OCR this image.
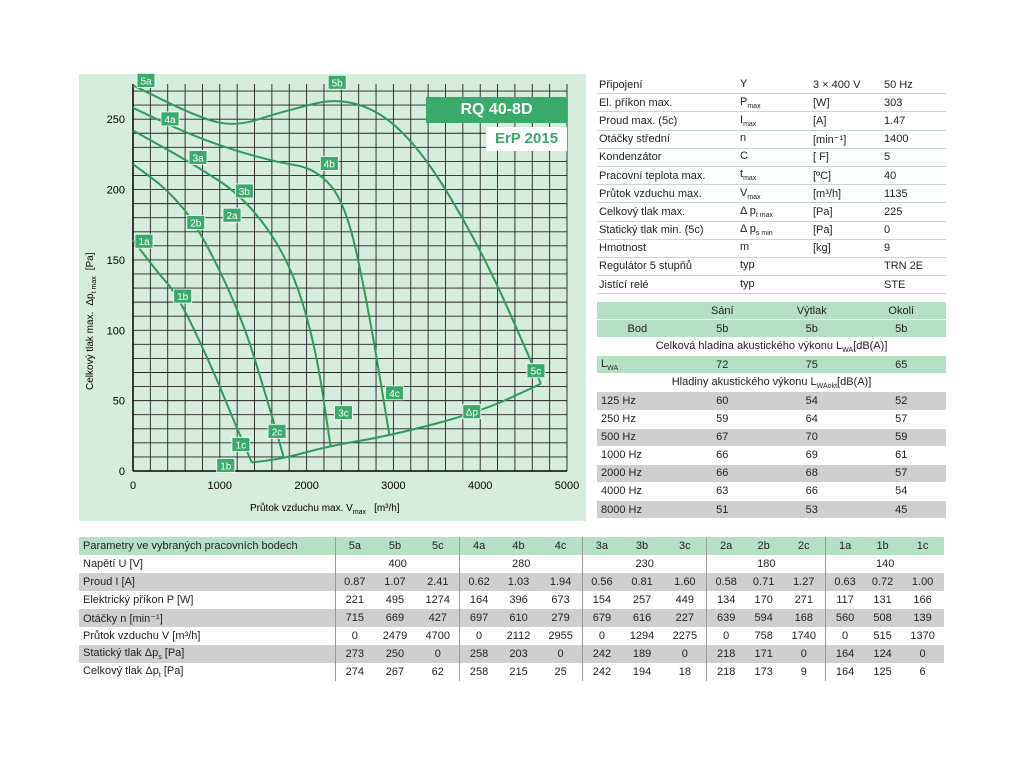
5a
4a
3a
2a
5b
4b
3b
2b
1a
1b
1b
1c
2c
3c
4c
5c
Δp
0	1000	2000	3000	4000	5000
0
50
100
150
200
250
Průtok vzduchu max. $V_{max}$ [m³/h]
Celkový tlak $\max.\Delta p_{t max}[Pa]$
RQ 40-8D
ErP 2015
Připojení	Y	3 × 400 V	50 Hz
El. příkon max.	$P_{max}$	[W]	303
Proud max. (5c)	$I_{max}$	[A]	1.47
Otáčky střední	n	[min⁻¹]	1400
Kondenzátor	C	[ F]	5
Pracovní teplota max.	$t_{max}$	[ºC]	40
Průtok vzduchu max.	$V_{max}$	[m³/h]	1135
Celkový tlak max.	Δ $p_{t max}$	[Pa]	225
Statický tlak min. (5c)	Δ $p_{s min}$	[Pa]	0
Hmotnost	m	[kg]	9
Regulátor 5 stupňů	typ		TRN 2E
Jistící relé	typ		STE
	Sání	Výtlak	Okolí
Bod	5b	5b	5b
Celková hladina akustického výkonu $L_{WA}[dB(A)]$			
$L_{WA}$	72	75	65
Hladiny akustického výkonu $L_{WAokt}[dB(A)]$			
125 Hz	60	54	52
250 Hz	59	64	57
500 Hz	67	70	59
1000 Hz	66	69	61
2000 Hz	66	68	57
4000 Hz	63	66	54
8000 Hz	51	53	45
Parametry ve vybraných pracovních bodech	5a	5b	5c	4a	4b	4c	3a	3b	3c	2a	2b	2c	1a	1b	1c
Napětí U [V]	400			280			230			180			140		
Proud I [A]	0.87	1.07	2.41	0.62	1.03	1.94	0.56	0.81	1.60	0.58	0.71	1.27	0.63	0.72	1.00
Elektrický příkon P [W]	221	495	1274	164	396	673	154	257	449	134	170	271	117	131	166
Otáčky n [min⁻¹]	715	669	427	697	610	279	679	616	227	639	594	168	560	508	139
Průtok vzduchu V [m³/h]	0	2479	4700	0	2112	2955	0	1294	2275	0	758	1740	0	515	1370
Statický tlak $\Delta p_s$ [Pa]	273	250	0	258	203	0	242	189	0	218	171	0	164	124	0
Celkový tlak $\Delta p_t$ [Pa]	274	267	62	258	215	25	242	194	18	218	173	9	164	125	6
